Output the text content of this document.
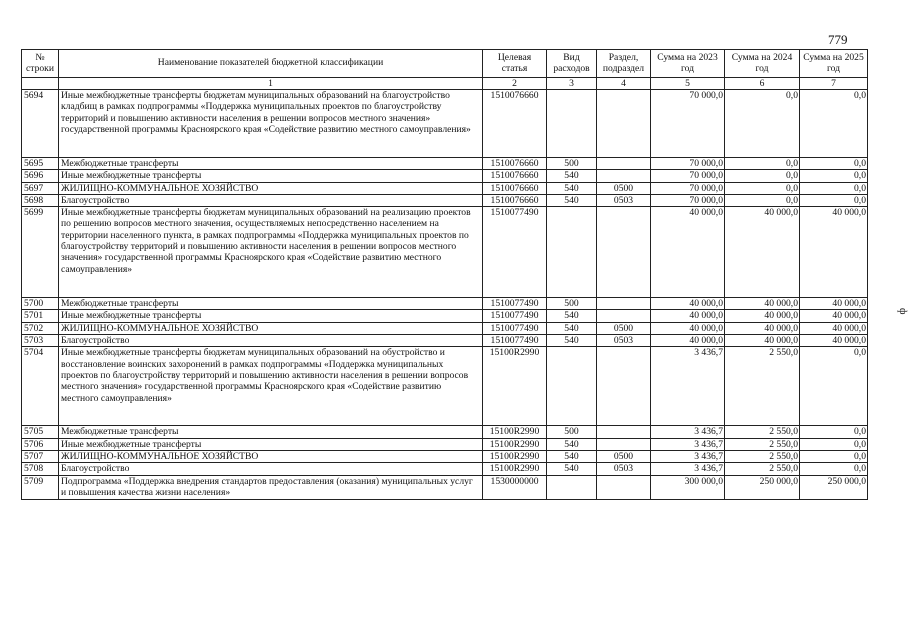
779
ф
№ строки	Наименование показателей бюджетной классификации	Целевая статья	Вид расходов	Раздел, подраздел	Сумма на 2023 год	Сумма на 2024 год	Сумма на 2025 год
	1	2	3	4	5	6	7
5694	Иные межбюджетные трансферты бюджетам муниципальных образований на благоустройство кладбищ в рамках подпрограммы «Поддержка муниципальных проектов по благоустройству территорий и повышению активности населения в решении вопросов местного значения» государственной программы Красноярского края «Содействие развитию местного самоуправления»	1510076660			70 000,0	0,0	0,0
5695	Межбюджетные трансферты	1510076660	500		70 000,0	0,0	0,0
5696	Иные межбюджетные трансферты	1510076660	540		70 000,0	0,0	0,0
5697	ЖИЛИЩНО-КОММУНАЛЬНОЕ ХОЗЯЙСТВО	1510076660	540	0500	70 000,0	0,0	0,0
5698	Благоустройство	1510076660	540	0503	70 000,0	0,0	0,0
5699	Иные межбюджетные трансферты бюджетам муниципальных образований на реализацию проектов по решению вопросов местного значения, осуществляемых непосредственно населением на территории населенного пункта, в рамках подпрограммы «Поддержка муниципальных проектов по благоустройству территорий и повышению активности населения в решении вопросов местного значения» государственной программы Красноярского края «Содействие развитию местного самоуправления»	1510077490			40 000,0	40 000,0	40 000,0
5700	Межбюджетные трансферты	1510077490	500		40 000,0	40 000,0	40 000,0
5701	Иные межбюджетные трансферты	1510077490	540		40 000,0	40 000,0	40 000,0
5702	ЖИЛИЩНО-КОММУНАЛЬНОЕ ХОЗЯЙСТВО	1510077490	540	0500	40 000,0	40 000,0	40 000,0
5703	Благоустройство	1510077490	540	0503	40 000,0	40 000,0	40 000,0
5704	Иные межбюджетные трансферты бюджетам муниципальных образований на обустройство и восстановление воинских захоронений в рамках подпрограммы «Поддержка муниципальных проектов по благоустройству территорий и повышению активности населения в решении вопросов местного значения» государственной программы Красноярского края «Содействие развитию местного самоуправления»	15100R2990			3 436,7	2 550,0	0,0
5705	Межбюджетные трансферты	15100R2990	500		3 436,7	2 550,0	0,0
5706	Иные межбюджетные трансферты	15100R2990	540		3 436,7	2 550,0	0,0
5707	ЖИЛИЩНО-КОММУНАЛЬНОЕ ХОЗЯЙСТВО	15100R2990	540	0500	3 436,7	2 550,0	0,0
5708	Благоустройство	15100R2990	540	0503	3 436,7	2 550,0	0,0
5709	Подпрограмма «Поддержка внедрения стандартов предоставления (оказания) муниципальных услуг и повышения качества жизни населения»	1530000000			300 000,0	250 000,0	250 000,0
